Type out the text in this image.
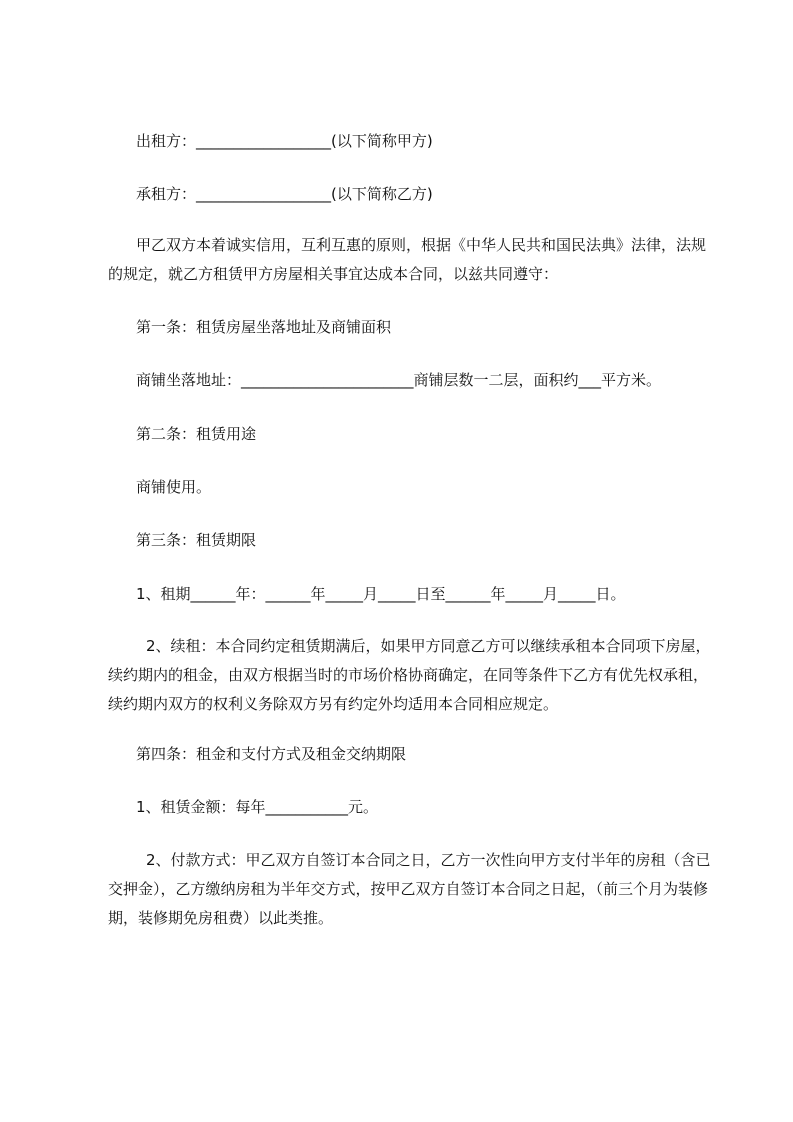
出租方：__________________(以下简称甲方)
承租方：__________________(以下简称乙方)
甲乙双方本着诚实信用，互利互惠的原则，根据《中华人民共和国民法典》法律，法规的规定，就乙方租赁甲方房屋相关事宜达成本合同，以兹共同遵守：
第一条：租赁房屋坐落地址及商铺面积
商铺坐落地址：_______________________商铺层数一二层，面积约___平方米。
第二条：租赁用途
商铺使用。
第三条：租赁期限
1、租期______年：______年_____月_____日至______年_____月_____日。
2、续租：本合同约定租赁期满后，如果甲方同意乙方可以继续承租本合同项下房屋，续约期内的租金，由双方根据当时的市场价格协商确定，在同等条件下乙方有优先权承租，续约期内双方的权利义务除双方另有约定外均适用本合同相应规定。
第四条：租金和支付方式及租金交纳期限
1、租赁金额：每年___________元。
2、付款方式：甲乙双方自签订本合同之日，乙方一次性向甲方支付半年的房租（含已交押金），乙方缴纳房租为半年交方式，按甲乙双方自签订本合同之日起，（前三个月为装修期，装修期免房租费）以此类推。
